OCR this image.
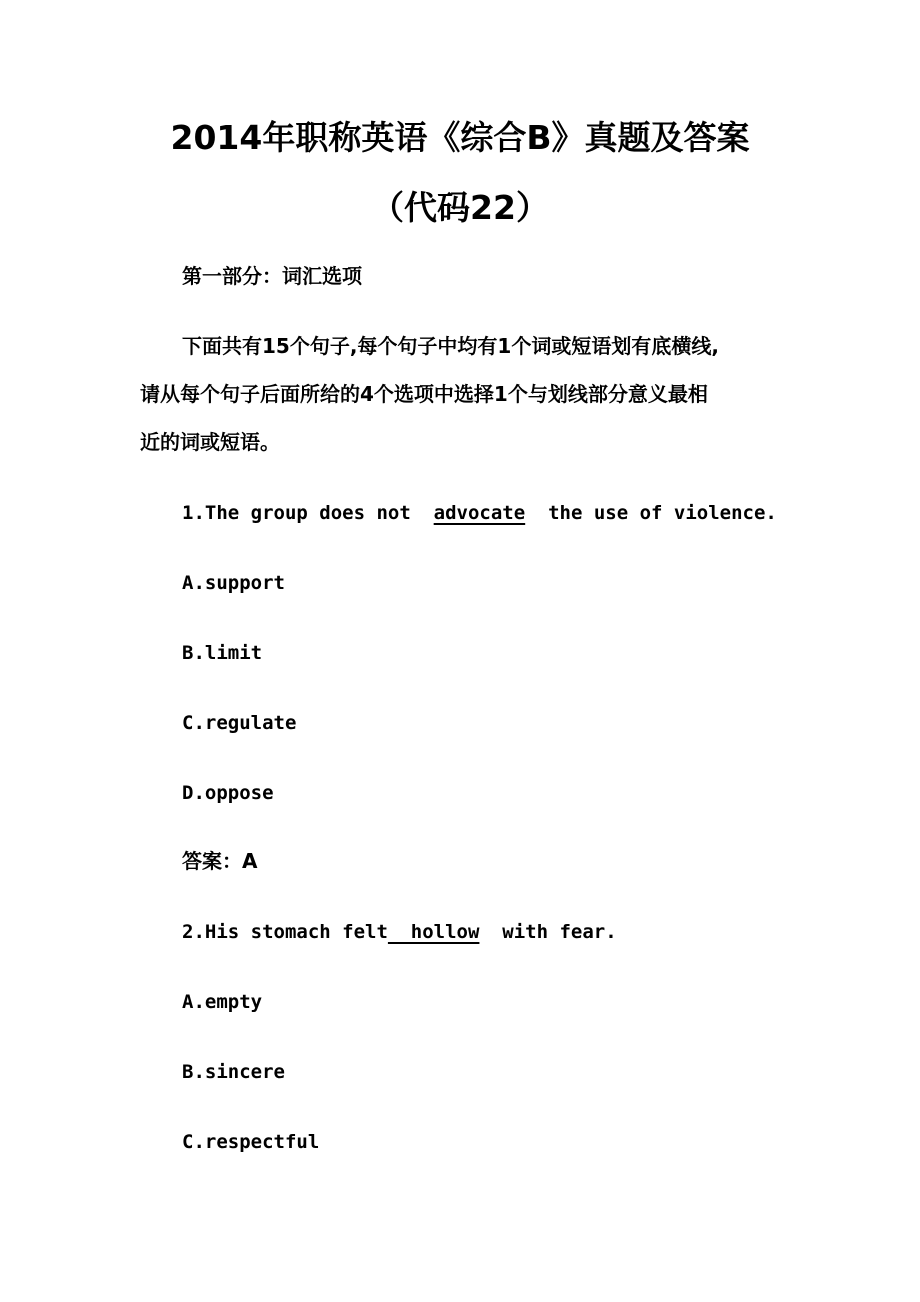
2014年职称英语《综合B》真题及答案
（代码22）
第一部分：词汇选项
下面共有15个句子,每个句子中均有1个词或短语划有底横线,
请从每个句子后面所给的4个选项中选择1个与划线部分意义最相
近的词或短语。
1.The group does not  advocate  the use of violence.
A.support
B.limit
C.regulate
D.oppose
答案：A
2.His stomach felt  hollow  with fear.
A.empty
B.sincere
C.respectful
